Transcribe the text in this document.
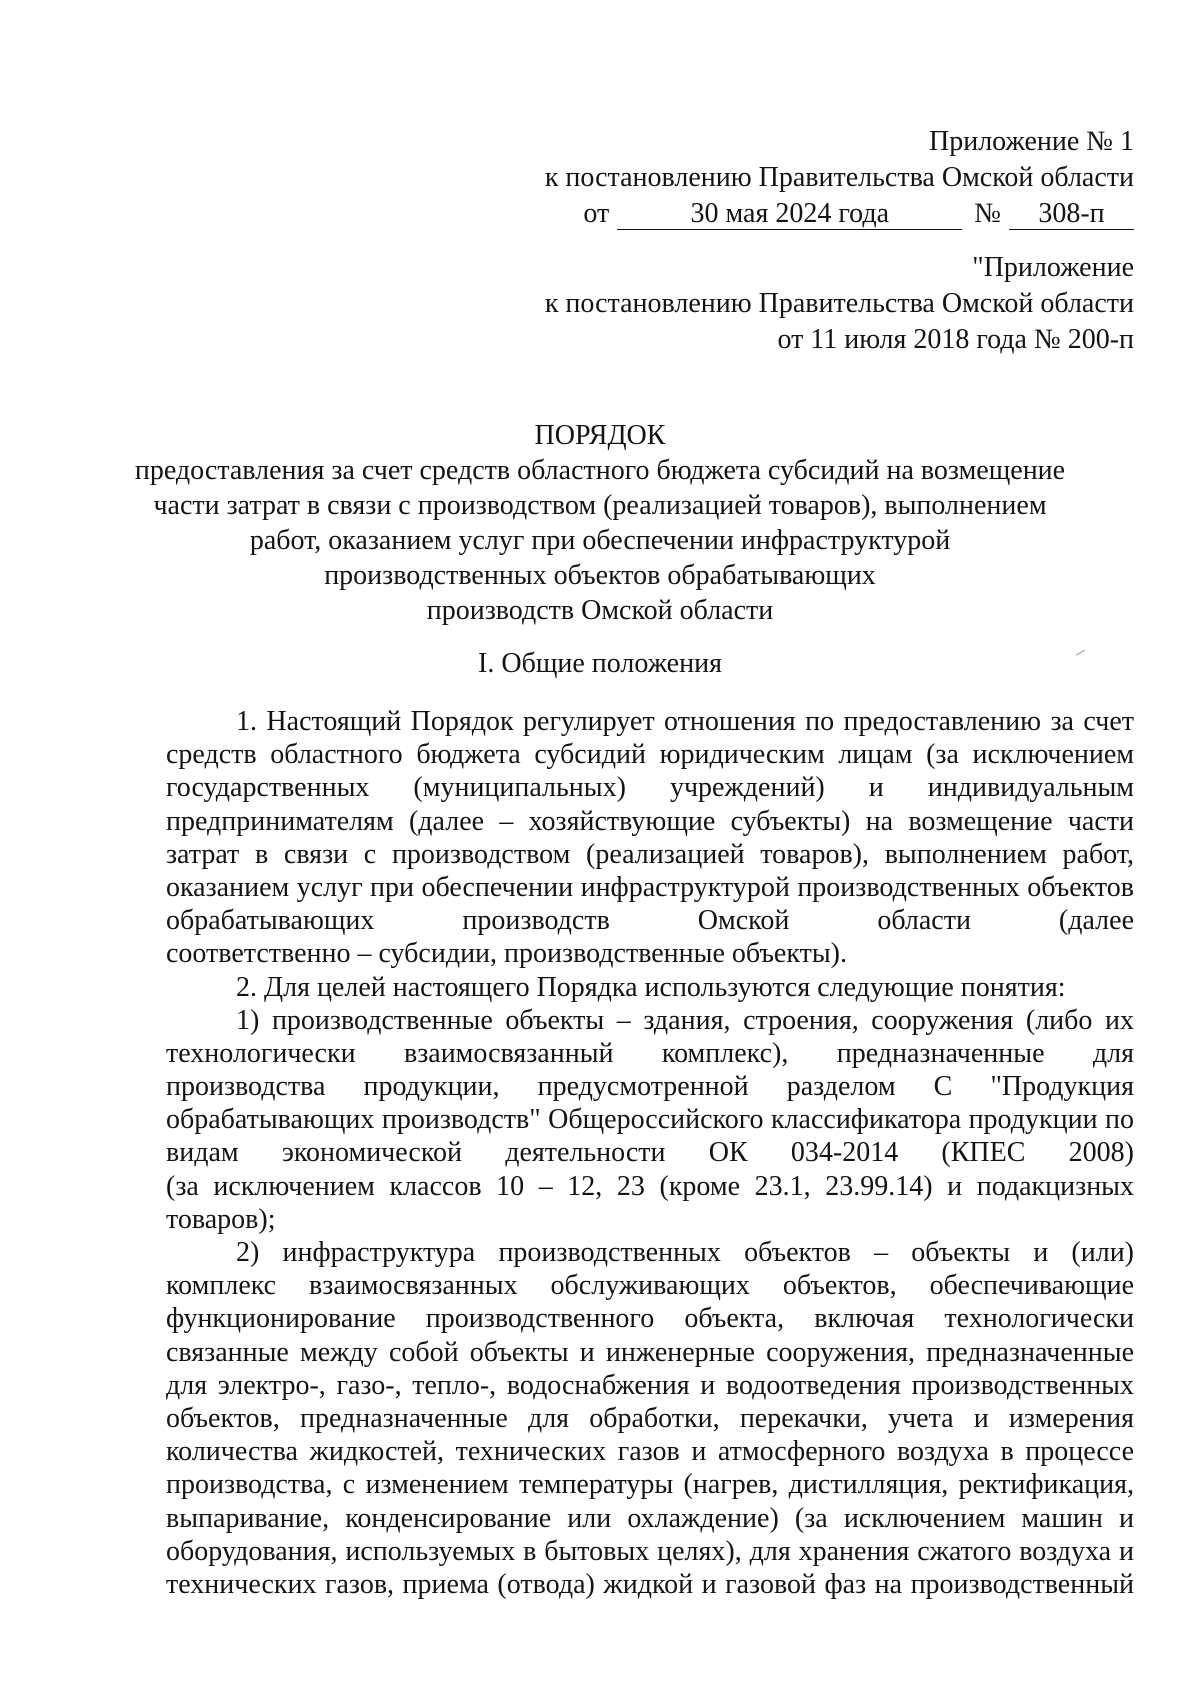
Приложение № 1
к постановлению Правительства Омской области
от	30 мая 2024 года	№ 308-п
"Приложение
к постановлению Правительства Омской области
от 11 июля 2018 года № 200-п
ПОРЯДОК
предоставления за счет средств областного бюджета субсидий на возмещение
части затрат в связи с производством (реализацией товаров), выполнением
работ, оказанием услуг при обеспечении инфраструктурой
производственных объектов обрабатывающих
производств Омской области
I. Общие положения
1. Настоящий Порядок регулирует отношения по предоставлению за счет
средств областного бюджета субсидий юридическим лицам (за исключением
государственных (муниципальных) учреждений) и индивидуальным
предпринимателям (далее – хозяйствующие субъекты) на возмещение части
затрат в связи с производством (реализацией товаров), выполнением работ,
оказанием услуг при обеспечении инфраструктурой производственных объектов
обрабатывающих производств Омской области (далее
соответственно – субсидии, производственные объекты).
2. Для целей настоящего Порядка используются следующие понятия:
1) производственные объекты – здания, строения, сооружения (либо их
технологически взаимосвязанный комплекс), предназначенные для
производства продукции, предусмотренной разделом C "Продукция
обрабатывающих производств" Общероссийского классификатора продукции по
видам экономической деятельности ОК 034-2014 (КПЕС 2008)
(за исключением классов 10 – 12, 23 (кроме 23.1, 23.99.14) и подакцизных
товаров);
2) инфраструктура производственных объектов – объекты и (или)
комплекс взаимосвязанных обслуживающих объектов, обеспечивающие
функционирование производственного объекта, включая технологически
связанные между собой объекты и инженерные сооружения, предназначенные
для электро-, газо-, тепло-, водоснабжения и водоотведения производственных
объектов, предназначенные для обработки, перекачки, учета и измерения
количества жидкостей, технических газов и атмосферного воздуха в процессе
производства, с изменением температуры (нагрев, дистилляция, ректификация,
выпаривание, конденсирование или охлаждение) (за исключением машин и
оборудования, используемых в бытовых целях), для хранения сжатого воздуха и
технических газов, приема (отвода) жидкой и газовой фаз на производственный
